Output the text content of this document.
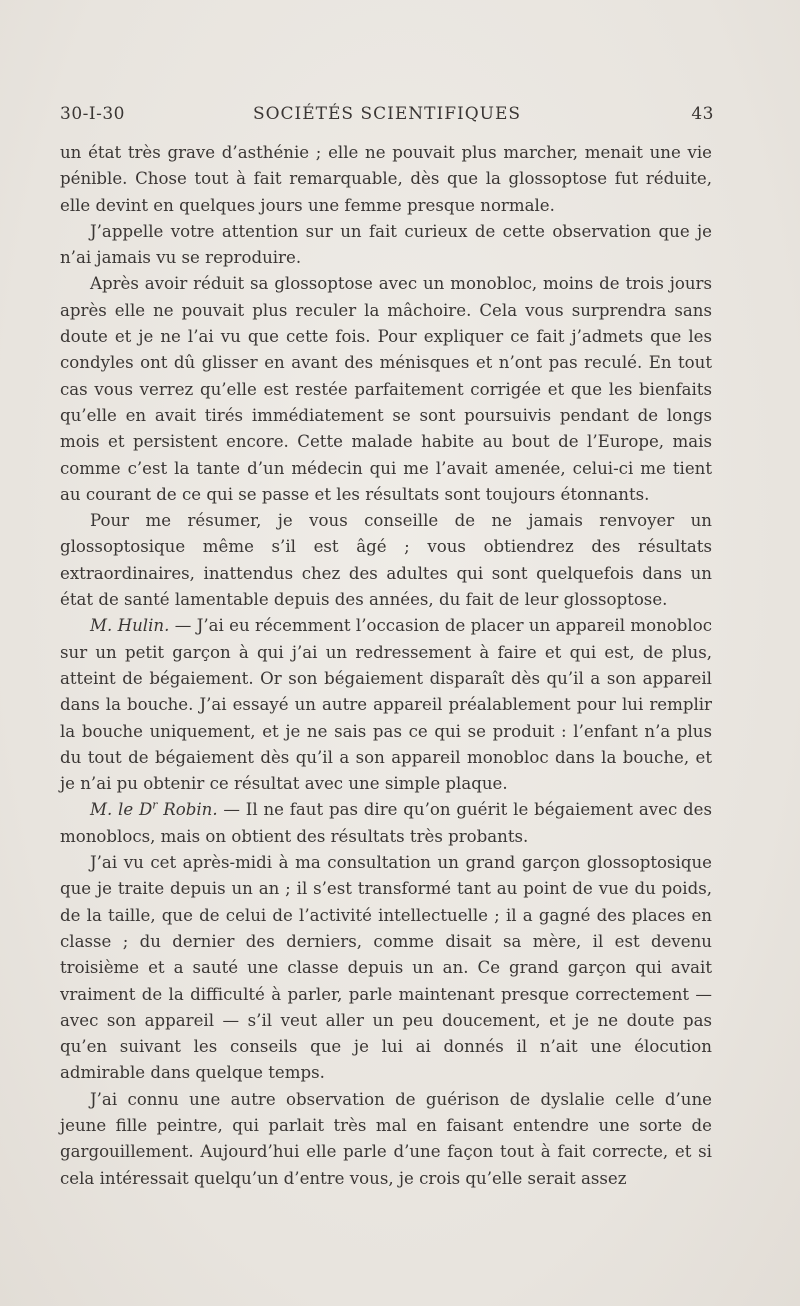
30-I-30	SOCIÉTÉS SCIENTIFIQUES	43

un état très grave d’asthénie ; elle ne pouvait plus marcher, menait une vie pénible. Chose tout à fait remarquable, dès que la glossoptose fut réduite, elle devint en quelques jours une femme presque normale.

J’appelle votre attention sur un fait curieux de cette observation que je n’ai jamais vu se reproduire.

Après avoir réduit sa glossoptose avec un monobloc, moins de trois jours après elle ne pouvait plus reculer la mâchoire. Cela vous surprendra sans doute et je ne l’ai vu que cette fois. Pour expliquer ce fait j’admets que les condyles ont dû glisser en avant des ménisques et n’ont pas reculé. En tout cas vous verrez qu’elle est restée parfaitement corrigée et que les bienfaits qu’elle en avait tirés immédiatement se sont poursuivis pendant de longs mois et persistent encore. Cette malade habite au bout de l’Europe, mais comme c’est la tante d’un médecin qui me l’avait amenée, celui-ci me tient au courant de ce qui se passe et les résultats sont toujours étonnants.

Pour me résumer, je vous conseille de ne jamais renvoyer un glossoptosique même s’il est âgé ; vous obtiendrez des résultats extraordinaires, inattendus chez des adultes qui sont quelquefois dans un état de santé lamentable depuis des années, du fait de leur glossoptose.

M. Hulin. — J’ai eu récemment l’occasion de placer un appareil monobloc sur un petit garçon à qui j’ai un redressement à faire et qui est, de plus, atteint de bégaiement. Or son bégaiement disparaît dès qu’il a son appareil dans la bouche. J’ai essayé un autre appareil préalablement pour lui remplir la bouche uniquement, et je ne sais pas ce qui se produit : l’enfant n’a plus du tout de bégaiement dès qu’il a son appareil monobloc dans la bouche, et je n’ai pu obtenir ce résultat avec une simple plaque.

M. le $D^r$ Robin. — Il ne faut pas dire qu’on guérit le bégaiement avec des monoblocs, mais on obtient des résultats très probants.

J’ai vu cet après-midi à ma consultation un grand garçon glossoptosique que je traite depuis un an ; il s’est transformé tant au point de vue du poids, de la taille, que de celui de l’activité intellectuelle ; il a gagné des places en classe ; du dernier des derniers, comme disait sa mère, il est devenu troisième et a sauté une classe depuis un an. Ce grand garçon qui avait vraiment de la difficulté à parler, parle maintenant presque correctement — avec son appareil — s’il veut aller un peu doucement, et je ne doute pas qu’en suivant les conseils que je lui ai donnés il n’ait une élocution admirable dans quelque temps.

J’ai connu une autre observation de guérison de dyslalie celle d’une jeune fille peintre, qui parlait très mal en faisant entendre une sorte de gargouillement. Aujourd’hui elle parle d’une façon tout à fait correcte, et si cela intéressait quelqu’un d’entre vous, je crois qu’elle serait assez
